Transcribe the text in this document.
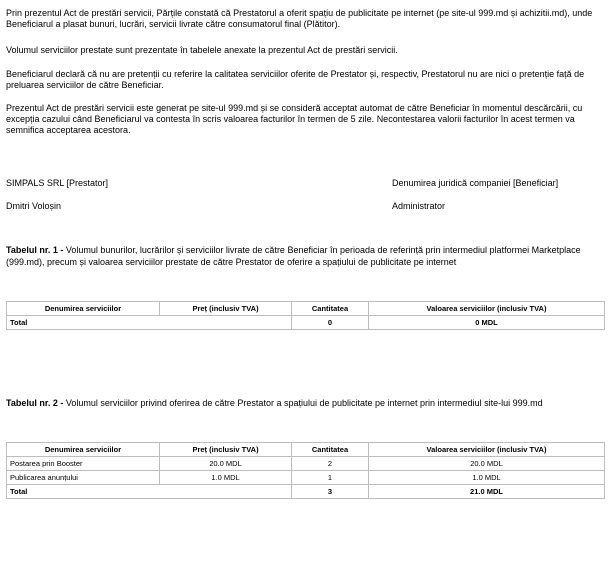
Prin prezentul Act de prestări servicii, Părțile constată că Prestatorul a oferit spațiu de publicitate pe internet (pe site-ul 999.md și achizitii.md), unde Beneficiarul a plasat bunuri, lucrări, servicii livrate către consumatorul final (Plătitor).

Volumul serviciilor prestate sunt prezentate în tabelele anexate la prezentul Act de prestări servicii.

Beneficiarul declară că nu are pretenții cu referire la calitatea serviciilor oferite de Prestator și, respectiv, Prestatorul nu are nici o pretenție față de preluarea serviciilor de către Beneficiar.

Prezentul Act de prestări servicii este generat pe site-ul 999.md și se consideră acceptat automat de către Beneficiar în momentul descărcării, cu excepția cazului când Beneficiarul va contesta în scris valoarea facturilor în termen de 5 zile. Necontestarea valorii facturilor în acest termen va semnifica acceptarea acestora.

SIMPALS SRL [Prestator]	Denumirea juridică companiei [Beneficiar]
Dmitri Voloșin	Administrator

Tabelul nr. 1 - Volumul bunurilor, lucrărilor și serviciilor livrate de către Beneficiar în perioada de referință prin intermediul platformei Marketplace (999.md), precum și valoarea serviciilor prestate de către Prestator de oferire a spațiului de publicitate pe internet

Denumirea serviciilor	Preț (inclusiv TVA)	Cantitatea	Valoarea serviciilor (inclusiv TVA)
Total		0	0 MDL

Tabelul nr. 2 - Volumul serviciilor privind oferirea de către Prestator a spațiului de publicitate pe internet prin intermediul site-lui 999.md

Denumirea serviciilor	Preț (inclusiv TVA)	Cantitatea	Valoarea serviciilor (inclusiv TVA)
Postarea prin Booster	20.0 MDL	2	20.0 MDL
Publicarea anunțului	1.0 MDL	1	1.0 MDL
Total		3	21.0 MDL
